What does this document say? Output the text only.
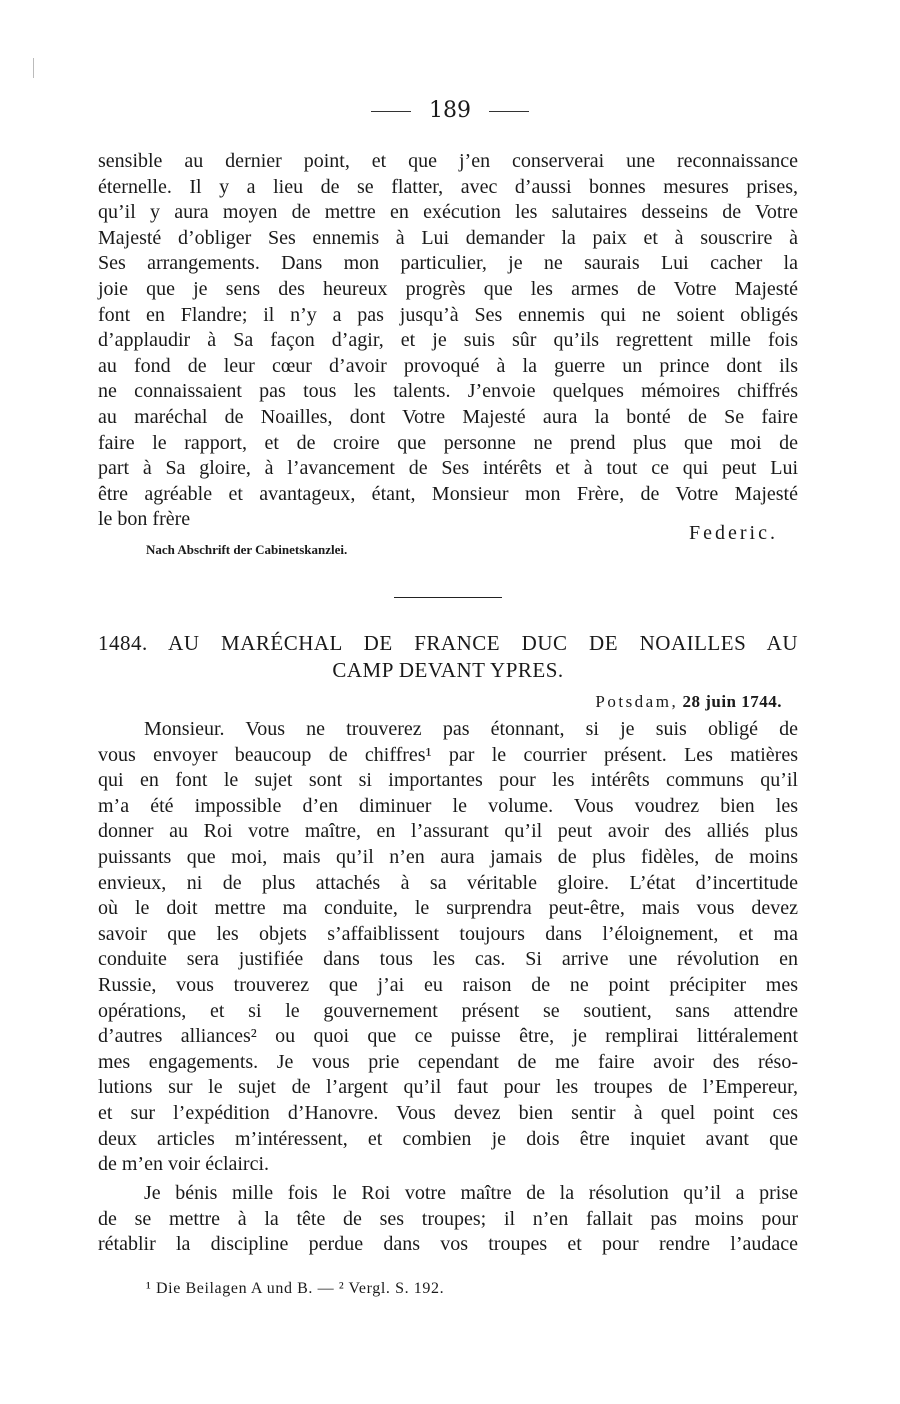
189
sensible au dernier point, et que j’en conserverai une reconnaissance
éternelle. Il y a lieu de se flatter, avec d’aussi bonnes mesures prises,
qu’il y aura moyen de mettre en exécution les salutaires desseins de Votre
Majesté d’obliger Ses ennemis à Lui demander la paix et à souscrire à
Ses arrangements. Dans mon particulier, je ne saurais Lui cacher la
joie que je sens des heureux progrès que les armes de Votre Majesté
font en Flandre; il n’y a pas jusqu’à Ses ennemis qui ne soient obligés
d’applaudir à Sa façon d’agir, et je suis sûr qu’ils regrettent mille fois
au fond de leur cœur d’avoir provoqué à la guerre un prince dont ils
ne connaissaient pas tous les talents. J’envoie quelques mémoires chiffrés
au maréchal de Noailles, dont Votre Majesté aura la bonté de Se faire
faire le rapport, et de croire que personne ne prend plus que moi de
part à Sa gloire, à l’avancement de Ses intérêts et à tout ce qui peut Lui
être agréable et avantageux, étant, Monsieur mon Frère, de Votre Majesté
le bon frère
Federic.
Nach Abschrift der Cabinetskanzlei.
1484. AU MARÉCHAL DE FRANCE DUC DE NOAILLES AU
CAMP DEVANT YPRES.
Potsdam, 28 juin 1744.
Monsieur. Vous ne trouverez pas étonnant, si je suis obligé de
vous envoyer beaucoup de chiffres¹ par le courrier présent. Les matières
qui en font le sujet sont si importantes pour les intérêts communs qu’il
m’a été impossible d’en diminuer le volume. Vous voudrez bien les
donner au Roi votre maître, en l’assurant qu’il peut avoir des alliés plus
puissants que moi, mais qu’il n’en aura jamais de plus fidèles, de moins
envieux, ni de plus attachés à sa véritable gloire. L’état d’incertitude
où le doit mettre ma conduite, le surprendra peut-être, mais vous devez
savoir que les objets s’affaiblissent toujours dans l’éloignement, et ma
conduite sera justifiée dans tous les cas. Si arrive une révolution en
Russie, vous trouverez que j’ai eu raison de ne point précipiter mes
opérations, et si le gouvernement présent se soutient, sans attendre
d’autres alliances² ou quoi que ce puisse être, je remplirai littéralement
mes engagements. Je vous prie cependant de me faire avoir des réso-
lutions sur le sujet de l’argent qu’il faut pour les troupes de l’Empereur,
et sur l’expédition d’Hanovre. Vous devez bien sentir à quel point ces
deux articles m’intéressent, et combien je dois être inquiet avant que
de m’en voir éclairci.
Je bénis mille fois le Roi votre maître de la résolution qu’il a prise
de se mettre à la tête de ses troupes; il n’en fallait pas moins pour
rétablir la discipline perdue dans vos troupes et pour rendre l’audace
¹ Die Beilagen A und B. — ² Vergl. S. 192.
